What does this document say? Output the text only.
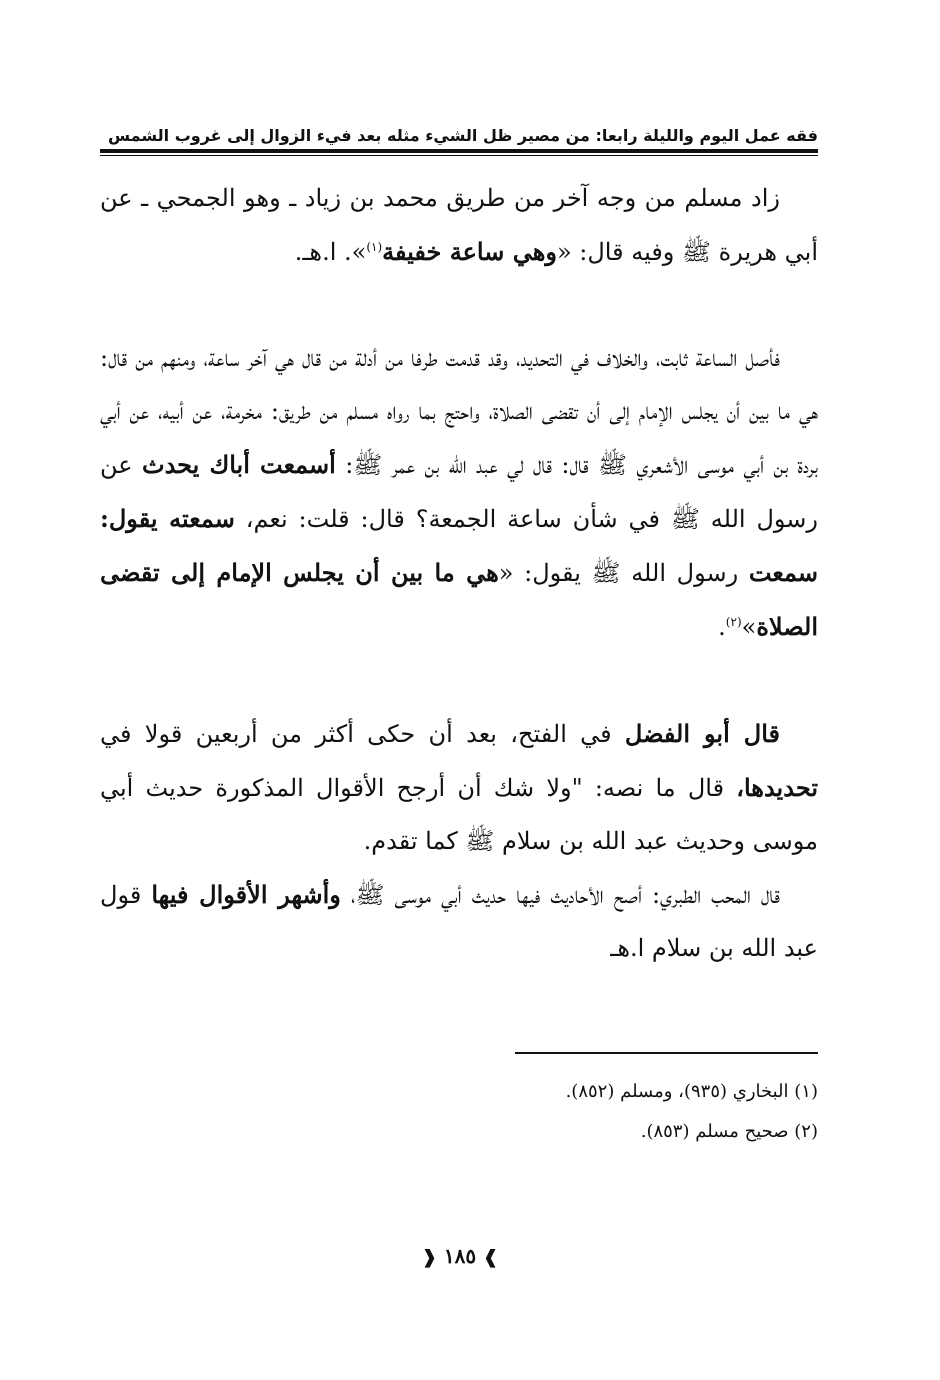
فقه عمل اليوم والليلة
رابعا: من مصير ظل الشيء مثله بعد فيء الزوال إلى غروب الشمس

زاد مسلم من وجه آخر من طريق محمد بن زياد ـ وهو الجمحي ـ عن أبي هريرة ﷺ وفيه قال: «وهي ساعة خفيفة$^{(١)}$». ا.هـ.

فأصل الساعة ثابت، والخلاف في التحديد، وقد قدمت طرفا من أدلة من قال هي آخر ساعة، ومنهم من قال: هي ما بين أن يجلس الإمام إلى أن تقضى الصلاة، واحتج بما رواه مسلم من طريق: مخرمة، عن أبيه، عن أبي بردة بن أبي موسى الأشعري ﷺ قال: قال لي عبد الله بن عمر ﷺ: أسمعت أباك يحدث عن رسول الله ﷺ في شأن ساعة الجمعة؟ قال: قلت: نعم، سمعته يقول: سمعت رسول الله ﷺ يقول: «هي ما بين أن يجلس الإمام إلى تقضى الصلاة»$^{(٢)}$.

قال أبو الفضل في الفتح، بعد أن حكى أكثر من أربعين قولا في تحديدها، قال ما نصه: "ولا شك أن أرجح الأقوال المذكورة حديث أبي موسى وحديث عبد الله بن سلام ﷺ كما تقدم.

قال المحب الطبري: أصح الأحاديث فيها حديث أبي موسى ﷺ، وأشهر الأقوال فيها قول عبد الله بن سلام ا.هـ

(١) البخاري (٩٣٥)، ومسلم (٨٥٢).
(٢) صحيح مسلم (٨٥٣).
❱ ١٨٥ ❰
